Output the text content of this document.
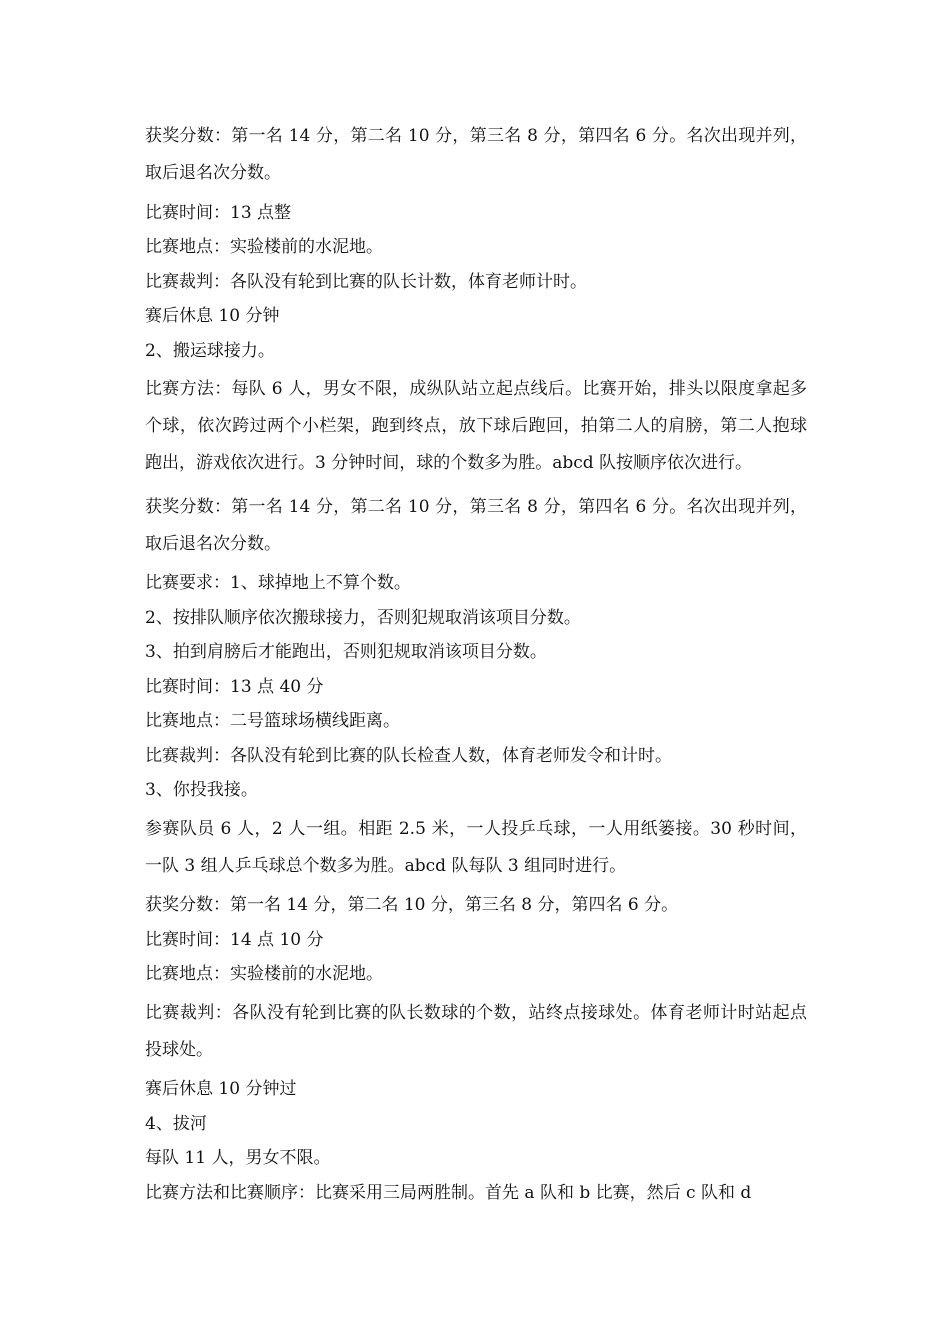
获奖分数：第一名 14 分，第二名 10 分，第三名 8 分，第四名 6 分。名次出现并列，取后退名次分数。

比赛时间：13 点整

比赛地点：实验楼前的水泥地。

比赛裁判：各队没有轮到比赛的队长计数，体育老师计时。

赛后休息 10 分钟

2、搬运球接力。

比赛方法：每队 6 人，男女不限，成纵队站立起点线后。比赛开始，排头以限度拿起多个球，依次跨过两个小栏架，跑到终点，放下球后跑回，拍第二人的肩膀，第二人抱球跑出，游戏依次进行。3 分钟时间，球的个数多为胜。abcd 队按顺序依次进行。

获奖分数：第一名 14 分，第二名 10 分，第三名 8 分，第四名 6 分。名次出现并列，取后退名次分数。

比赛要求：1、球掉地上不算个数。

2、按排队顺序依次搬球接力，否则犯规取消该项目分数。

3、拍到肩膀后才能跑出，否则犯规取消该项目分数。

比赛时间：13 点 40 分

比赛地点：二号篮球场横线距离。

比赛裁判：各队没有轮到比赛的队长检查人数，体育老师发令和计时。

3、你投我接。

参赛队员 6 人，2 人一组。相距 2.5 米，一人投乒乓球，一人用纸篓接。30 秒时间，一队 3 组人乒乓球总个数多为胜。abcd 队每队 3 组同时进行。

获奖分数：第一名 14 分，第二名 10 分，第三名 8 分，第四名 6 分。

比赛时间：14 点 10 分

比赛地点：实验楼前的水泥地。

比赛裁判：各队没有轮到比赛的队长数球的个数，站终点接球处。体育老师计时站起点投球处。

赛后休息 10 分钟过

4、拔河

每队 11 人，男女不限。

比赛方法和比赛顺序：比赛采用三局两胜制。首先 a 队和 b 比赛，然后 c 队和 d
